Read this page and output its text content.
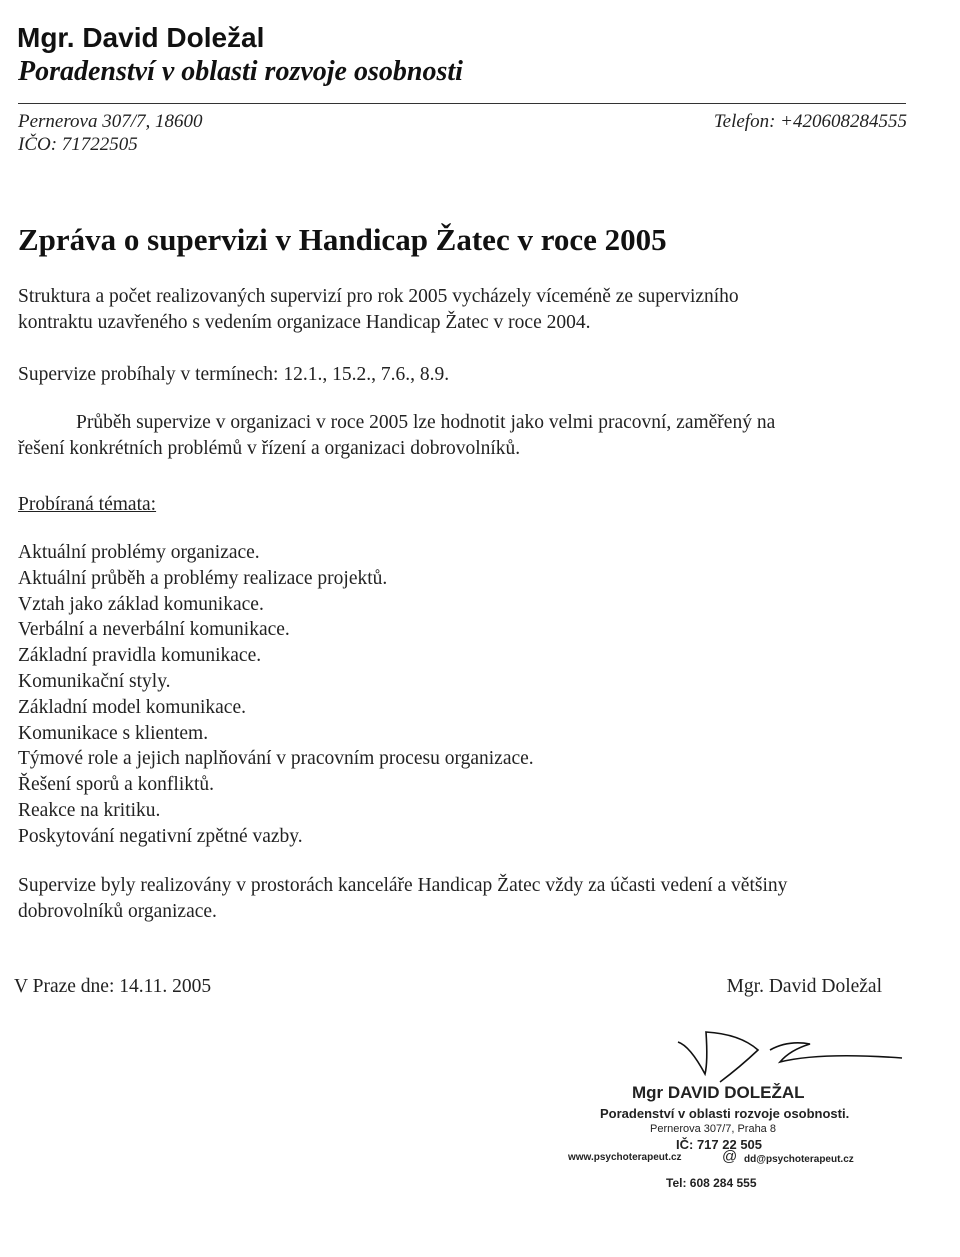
Mgr. David Doležal
Poradenství v oblasti rozvoje osobnosti
Pernerova 307/7, 18600
IČO: 71722505
Telefon: +420608284555
Zpráva o supervizi v Handicap Žatec v roce 2005
Struktura a počet realizovaných supervizí pro rok 2005 vycházely víceméně ze supervizního
kontraktu uzavřeného s vedením organizace Handicap Žatec v roce 2004.
Supervize probíhaly v termínech: 12.1., 15.2., 7.6., 8.9.
Průběh supervize v organizaci v roce 2005 lze hodnotit jako velmi pracovní, zaměřený na
řešení konkrétních problémů v řízení a organizaci dobrovolníků.
Probíraná témata:
Aktuální problémy organizace.
Aktuální průběh a problémy realizace projektů.
Vztah jako základ komunikace.
Verbální a neverbální komunikace.
Základní pravidla komunikace.
Komunikační styly.
Základní model komunikace.
Komunikace s klientem.
Týmové role a jejich naplňování v pracovním procesu organizace.
Řešení sporů a konfliktů.
Reakce na kritiku.
Poskytování negativní zpětné vazby.
Supervize byly realizovány v prostorách kanceláře Handicap Žatec vždy za účasti vedení a většiny
dobrovolníků organizace.
V Praze dne: 14.11. 2005	Mgr. David Doležal
Mgr DAVID DOLEŽAL
Poradenství v oblasti rozvoje osobnosti.
Pernerova 307/7, Praha 8
IČ: 717 22 505
www.psychoterapeut.cz	@ dd@psychoterapeut.cz
Tel: 608 284 555
